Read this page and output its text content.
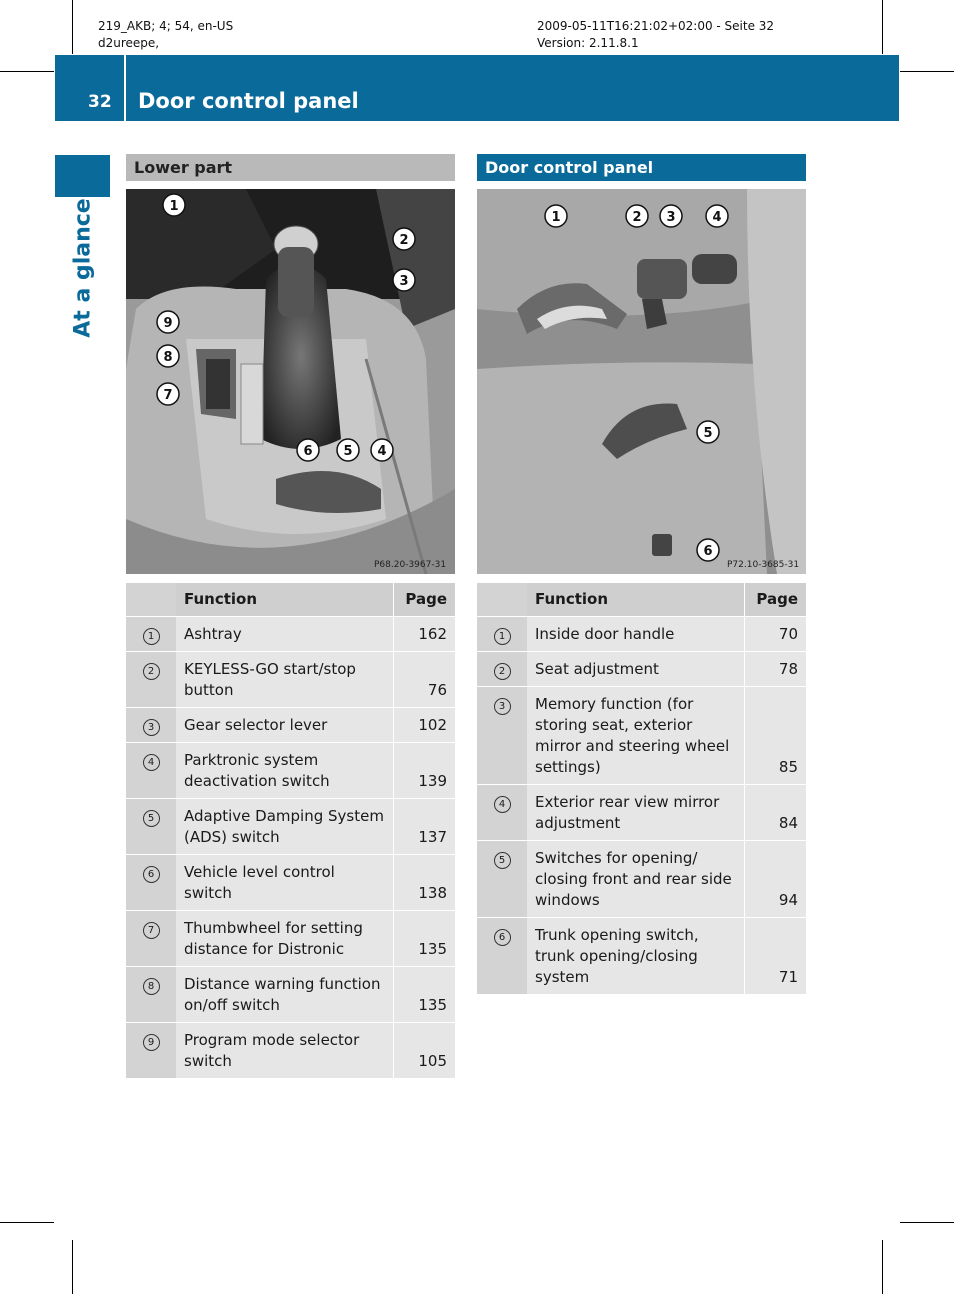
219_AKB; 4; 54, en-US
d2ureepe,
2009-05-11T16:21:02+02:00 - Seite 32
Version: 2.11.8.1
32 Door control panel
At a glance
Lower part	Door control panel
1
2
3
9
8
7
6 5 4
P68.20-3967-31
1	2 3	4
5
6
P72.10-3685-31
	Function	Page
1	Ashtray	162
2	KEYLESS-GO start/stop button	76
3	Gear selector lever	102
4	Parktronic system deactivation switch	139
5	Adaptive Damping System (ADS) switch	137
6	Vehicle level control switch	138
7	Thumbwheel for setting distance for Distronic	135
8	Distance warning function on/off switch	135
9	Program mode selector switch	105
	Function	Page
1	Inside door handle	70
2	Seat adjustment	78
3	Memory function (for storing seat, exterior mirror and steering wheel settings)	85
4	Exterior rear view mirror adjustment	84
5	Switches for opening/ closing front and rear side windows	94
6	Trunk opening switch, trunk opening/closing system	71
